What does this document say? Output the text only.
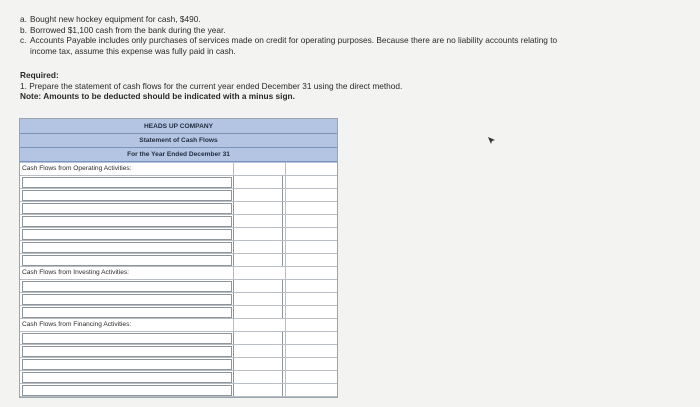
a. Bought new hockey equipment for cash, $490.
b. Borrowed $1,100 cash from the bank during the year.
c. Accounts Payable includes only purchases of services made on credit for operating purposes. Because there are no liability accounts relating to income tax, assume this expense was fully paid in cash.
Required:
1. Prepare the statement of cash flows for the current year ended December 31 using the direct method.
Note: Amounts to be deducted should be indicated with a minus sign.
HEADS UP COMPANY
Statement of Cash Flows
For the Year Ended December 31
Cash Flows from Operating Activities:
Cash Flows from Investing Activities:
Cash Flows from Financing Activities:
